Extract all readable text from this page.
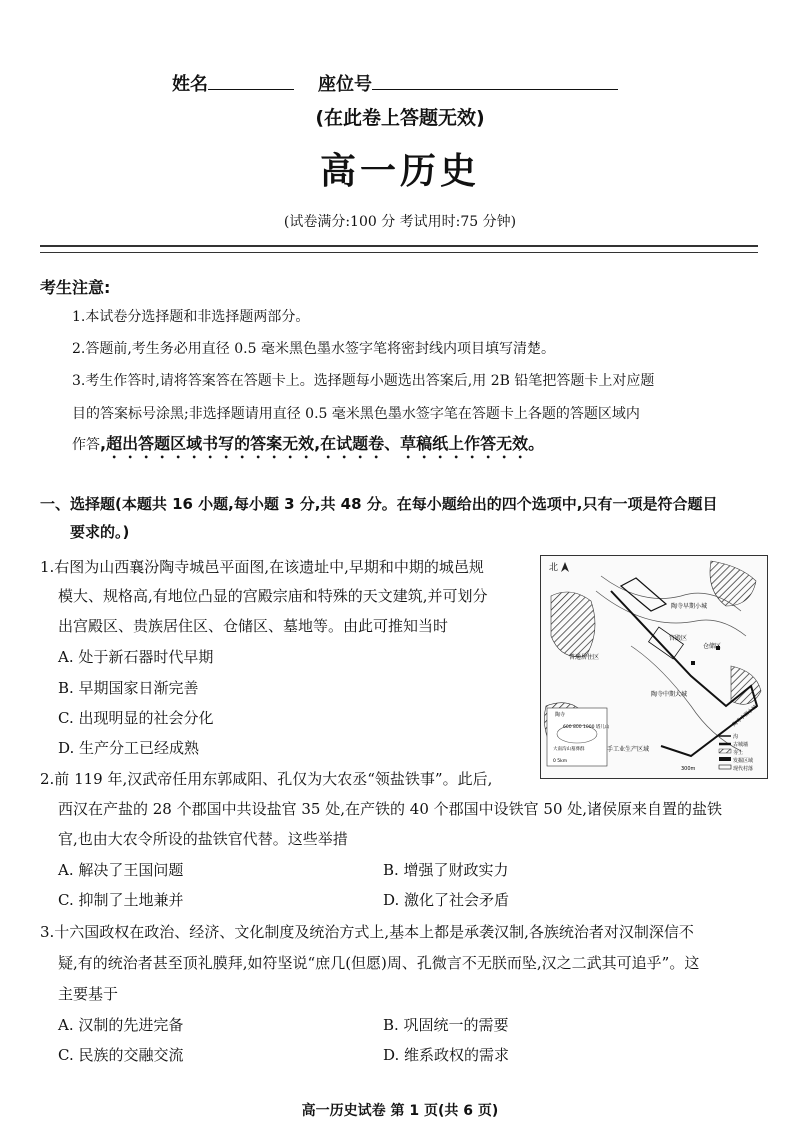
姓名	座位号
(在此卷上答题无效)
高一历史
(试卷满分:100 分 考试用时:75 分钟)
考生注意:
1.本试卷分选择题和非选择题两部分。
2.答题前,考生务必用直径 0.5 毫米黑色墨水签字笔将密封线内项目填写清楚。
3.考生作答时,请将答案答在答题卡上。选择题每小题选出答案后,用 2B 铅笔把答题卡上对应题
目的答案标号涂黑;非选择题请用直径 0.5 毫米黑色墨水签字笔在答题卡上各题的答题区域内
作答,超出答题区域书写的答案无效,在试题卷、草稿纸上作答无效。
一、选择题(本题共 16 小题,每小题 3 分,共 48 分。在每小题给出的四个选项中,只有一项是符合题目
要求的。)
1.右图为山西襄汾陶寺城邑平面图,在该遗址中,早期和中期的城邑规
模大、规格高,有地位凸显的宫殿宗庙和特殊的天文建筑,并可划分
出宫殿区、贵族居住区、仓储区、墓地等。由此可推知当时
A. 处于新石器时代早期
B. 早期国家日渐完善
C. 出现明显的社会分化
D. 生产分工已经成熟
北
陶寺早期小城
普通居住区
宫殿区
仓储区
陶寺中期大城
陶寺中期小城
手工业生产区域
陶寺
600 800 1000 塔儿山
大南沟山墓葬群
0 5km
沟
古城墙
夯土
发掘区域
现代村落
300m
2.前 119 年,汉武帝任用东郭咸阳、孔仅为大农丞“领盐铁事”。此后,
西汉在产盐的 28 个郡国中共设盐官 35 处,在产铁的 40 个郡国中设铁官 50 处,诸侯原来自置的盐铁
官,也由大农令所设的盐铁官代替。这些举措
A. 解决了王国问题	B. 增强了财政实力
C. 抑制了土地兼并	D. 激化了社会矛盾
3.十六国政权在政治、经济、文化制度及统治方式上,基本上都是承袭汉制,各族统治者对汉制深信不
疑,有的统治者甚至顶礼膜拜,如符坚说“庶几(但愿)周、孔微言不无朕而坠,汉之二武其可追乎”。这
主要基于
A. 汉制的先进完备	B. 巩固统一的需要
C. 民族的交融交流	D. 维系政权的需求
高一历史试卷 第 1 页(共 6 页)
